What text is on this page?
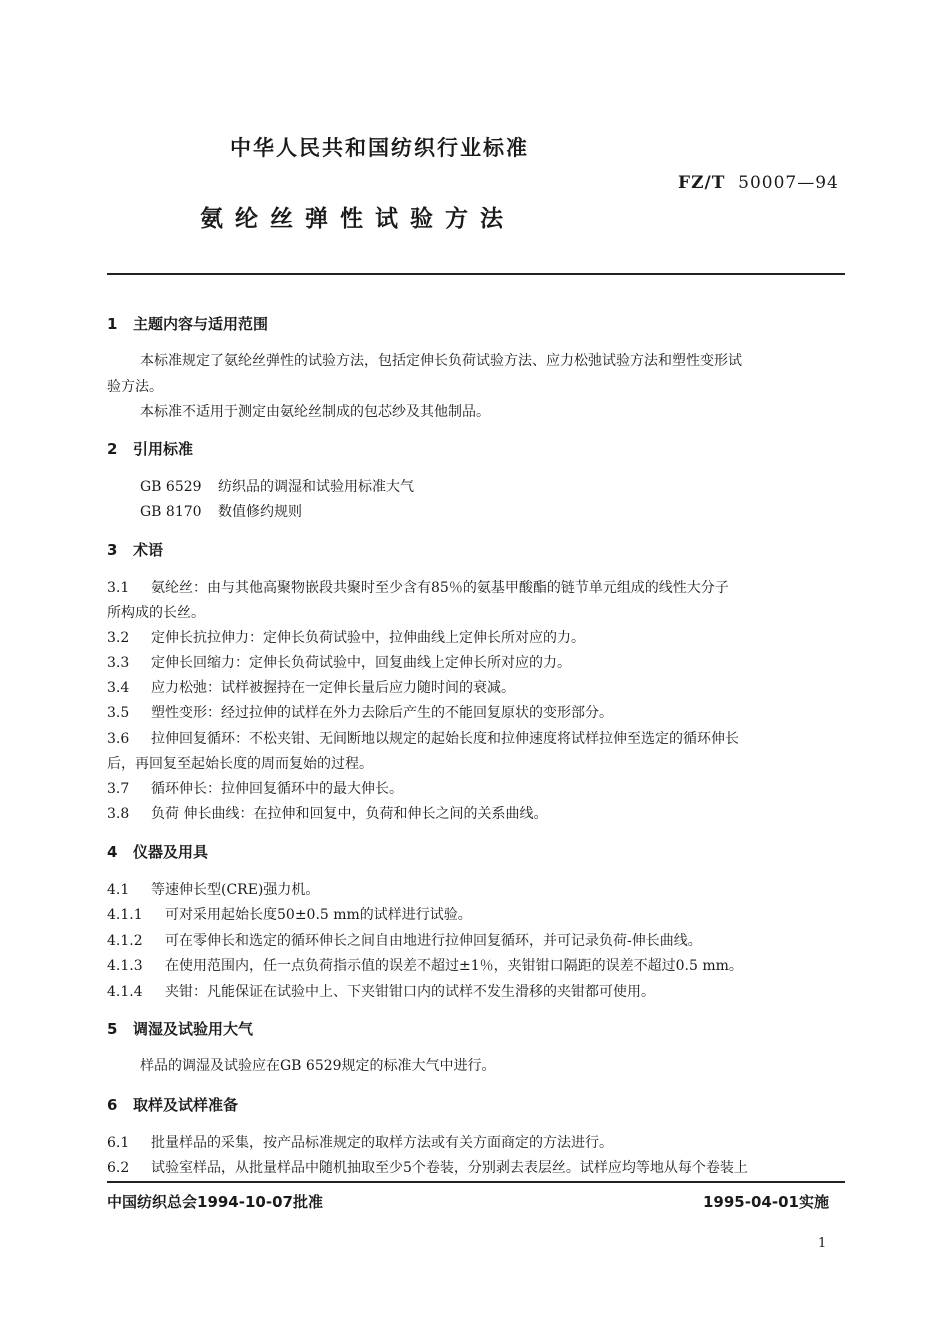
中华人民共和国纺织行业标准
FZ/T 50007—94
氨纶丝弹性试验方法
1 主题内容与适用范围
本标准规定了氨纶丝弹性的试验方法，包括定伸长负荷试验方法、应力松弛试验方法和塑性变形试
验方法。
本标准不适用于测定由氨纶丝制成的包芯纱及其他制品。
2 引用标准
GB 6529 纺织品的调湿和试验用标准大气
GB 8170 数值修约规则
3 术语
3.1 氨纶丝：由与其他高聚物嵌段共聚时至少含有85％的氨基甲酸酯的链节单元组成的线性大分子
所构成的长丝。
3.2 定伸长抗拉伸力：定伸长负荷试验中，拉伸曲线上定伸长所对应的力。
3.3 定伸长回缩力：定伸长负荷试验中，回复曲线上定伸长所对应的力。
3.4 应力松弛：试样被握持在一定伸长量后应力随时间的衰减。
3.5 塑性变形：经过拉伸的试样在外力去除后产生的不能回复原状的变形部分。
3.6 拉伸回复循环：不松夹钳、无间断地以规定的起始长度和拉伸速度将试样拉伸至选定的循环伸长
后，再回复至起始长度的周而复始的过程。
3.7 循环伸长：拉伸回复循环中的最大伸长。
3.8 负荷 伸长曲线：在拉伸和回复中，负荷和伸长之间的关系曲线。
4 仪器及用具
4.1 等速伸长型(CRE)强力机。
4.1.1 可对采用起始长度50±0.5 mm的试样进行试验。
4.1.2 可在零伸长和选定的循环伸长之间自由地进行拉伸回复循环，并可记录负荷-伸长曲线。
4.1.3 在使用范围内，任一点负荷指示值的误差不超过±1％，夹钳钳口隔距的误差不超过0.5 mm。
4.1.4 夹钳：凡能保证在试验中上、下夹钳钳口内的试样不发生滑移的夹钳都可使用。
5 调湿及试验用大气
样品的调湿及试验应在GB 6529规定的标准大气中进行。
6 取样及试样准备
6.1 批量样品的采集，按产品标准规定的取样方法或有关方面商定的方法进行。
6.2 试验室样品，从批量样品中随机抽取至少5个卷装，分别剥去表层丝。试样应均等地从每个卷装上
中国纺织总会1994-10-07批准	1995-04-01实施
1
